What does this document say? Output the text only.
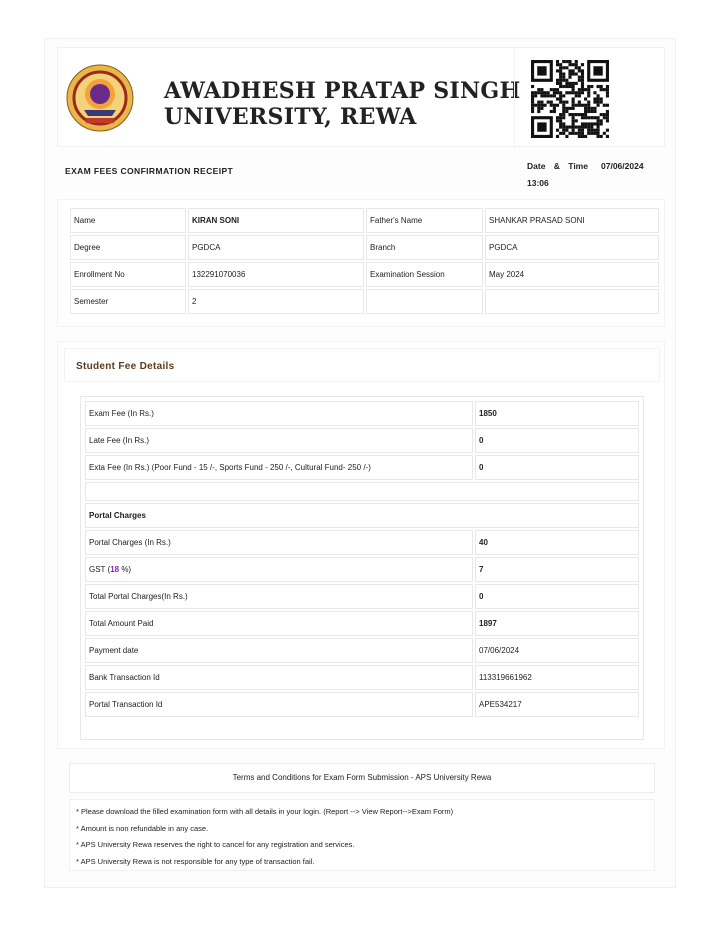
AWADHESH PRATAP SINGH
UNIVERSITY, REWA
EXAM FEES CONFIRMATION RECEIPT	Date & Time 07/06/2024
13:06
Name	KIRAN SONI	Father's Name	SHANKAR PRASAD SONI
Degree	PGDCA	Branch	PGDCA
Enrollment No	132291070036	Examination Session	May 2024
Semester	2		
Student Fee Details
Exam Fee (In Rs.)	1850
Late Fee (In Rs.)	0
Exta Fee (In Rs.) (Poor Fund - 15 /-, Sports Fund - 250 /-, Cultural Fund- 250 /-)	0

Portal Charges	
Portal Charges (In Rs.)	40
GST (18 %)	7
Total Portal Charges(In Rs.)	0
Total Amount Paid	1897
Payment date	07/06/2024
Bank Transaction Id	113319661962
Portal Transaction Id	APE534217
Terms and Conditions for Exam Form Submission - APS University Rewa
* Please download the filled examination form with all details in your login. (Report --> View Report-->Exam Form)
* Amount is non refundable in any case.
* APS University Rewa reserves the right to cancel for any registration and services.
* APS University Rewa is not responsible for any type of transaction fail.
